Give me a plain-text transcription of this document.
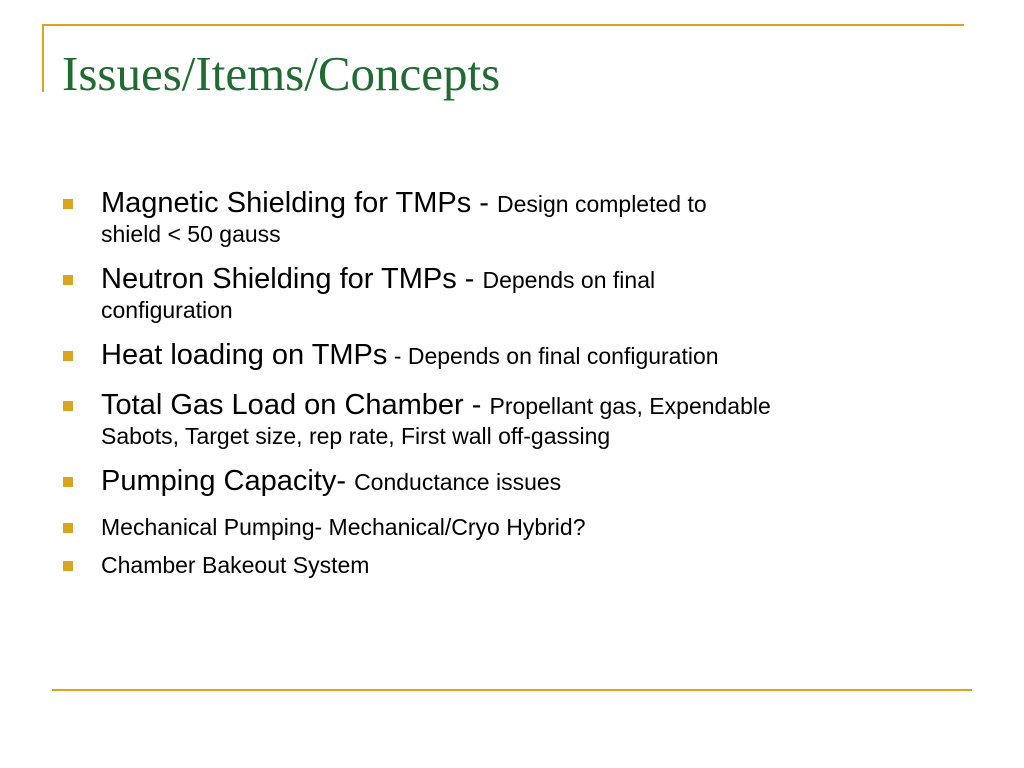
Issues/Items/Concepts
Magnetic Shielding for TMPs - Design completed to
shield < 50 gauss
Neutron Shielding for TMPs - Depends on final
configuration
Heat loading on TMPs - Depends on final configuration
Total Gas Load on Chamber - Propellant gas, Expendable
Sabots, Target size, rep rate, First wall off-gassing
Pumping Capacity- Conductance issues
Mechanical Pumping- Mechanical/Cryo Hybrid?
Chamber Bakeout System
